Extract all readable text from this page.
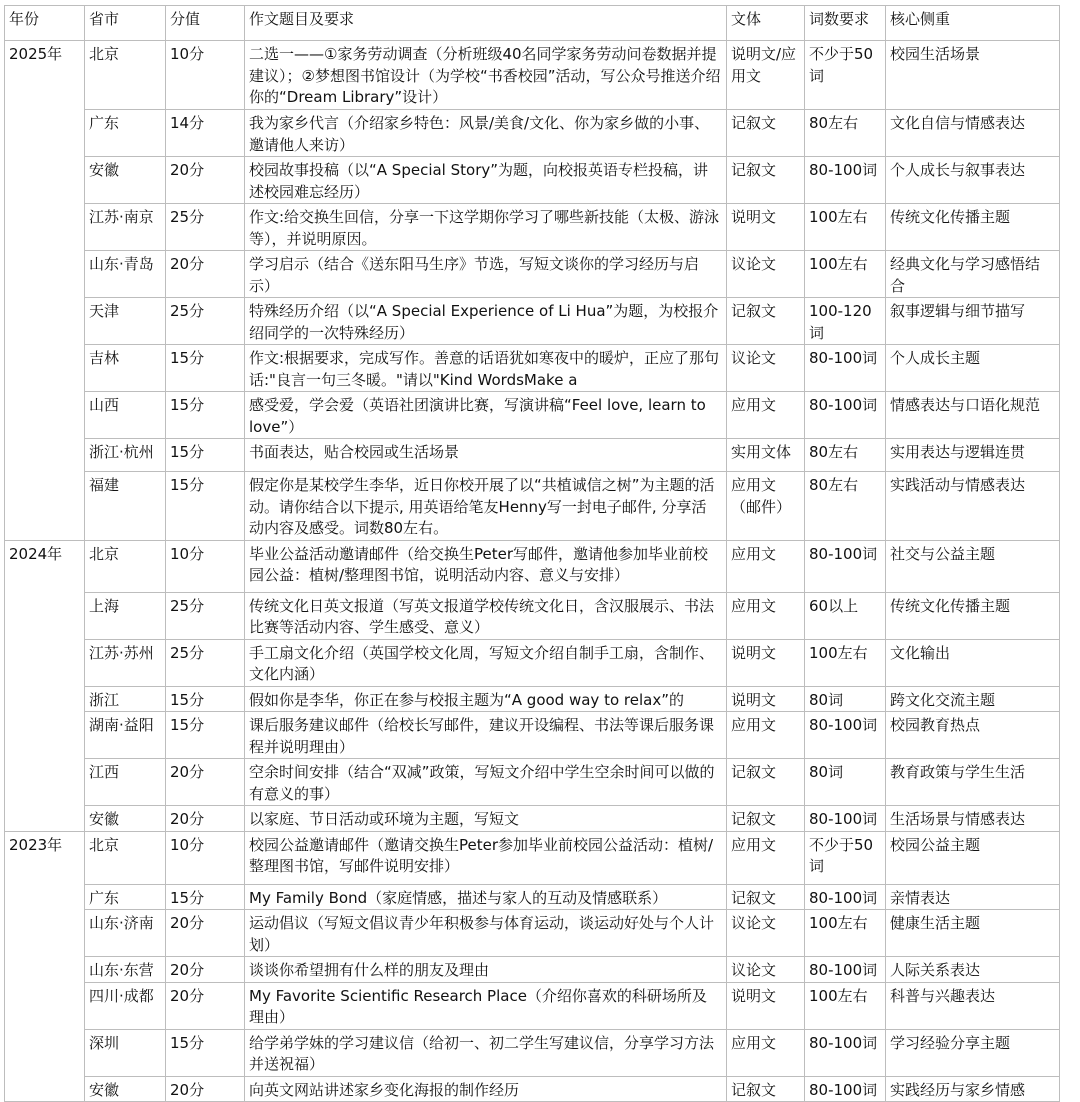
年份	省市	分值	作文题目及要求	文体	词数要求	核心侧重
2025年	北京	10分	二选一——①家务劳动调查（分析班级40名同学家务劳动问卷数据并提建议）；②梦想图书馆设计（为学校“书香校园”活动，写公众号推送介绍你的“Dream Library”设计）	说明文/应用文	不少于50词	校园生活场景
	广东	14分	我为家乡代言（介绍家乡特色：风景/美食/文化、你为家乡做的小事、邀请他人来访）	记叙文	80左右	文化自信与情感表达
	安徽	20分	校园故事投稿（以“A Special Story”为题，向校报英语专栏投稿，讲述校园难忘经历）	记叙文	80-100词	个人成长与叙事表达
	江苏·南京	25分	作文:给交换生回信，分享一下这学期你学习了哪些新技能（太极、游泳等），并说明原因。	说明文	100左右	传统文化传播主题
	山东·青岛	20分	学习启示（结合《送东阳马生序》节选，写短文谈你的学习经历与启示）	议论文	100左右	经典文化与学习感悟结合
	天津	25分	特殊经历介绍（以“A Special Experience of Li Hua”为题，为校报介绍同学的一次特殊经历）	记叙文	100-120词	叙事逻辑与细节描写
	吉林	15分	作文:根据要求，完成写作。善意的话语犹如寒夜中的暖炉，正应了那句话:"良言一句三冬暖。"请以"Kind WordsMake a	议论文	80-100词	个人成长主题
	山西	15分	感受爱，学会爱（英语社团演讲比赛，写演讲稿“Feel love, learn to love”）	应用文	80-100词	情感表达与口语化规范
	浙江·杭州	15分	书面表达，贴合校园或生活场景	实用文体	80左右	实用表达与逻辑连贯
	福建	15分	假定你是某校学生李华，近日你校开展了以“共植诚信之树”为主题的活动。请你结合以下提示, 用英语给笔友Henny写一封电子邮件, 分享活动内容及感受。词数80左右。	应用文（邮件）	80左右	实践活动与情感表达
2024年	北京	10分	毕业公益活动邀请邮件（给交换生Peter写邮件，邀请他参加毕业前校园公益：植树/整理图书馆，说明活动内容、意义与安排）	应用文	80-100词	社交与公益主题
	上海	25分	传统文化日英文报道（写英文报道学校传统文化日，含汉服展示、书法比赛等活动内容、学生感受、意义）	应用文	60以上	传统文化传播主题
	江苏·苏州	25分	手工扇文化介绍（英国学校文化周，写短文介绍自制手工扇，含制作、文化内涵）	说明文	100左右	文化输出
	浙江	15分	假如你是李华，你正在参与校报主题为“A good way to relax”的	说明文	80词	跨文化交流主题
	湖南·益阳	15分	课后服务建议邮件（给校长写邮件，建议开设编程、书法等课后服务课程并说明理由）	应用文	80-100词	校园教育热点
	江西	20分	空余时间安排（结合“双减”政策，写短文介绍中学生空余时间可以做的有意义的事）	记叙文	80词	教育政策与学生生活
	安徽	20分	以家庭、节日活动或环境为主题，写短文	记叙文	80-100词	生活场景与情感表达
2023年	北京	10分	校园公益邀请邮件（邀请交换生Peter参加毕业前校园公益活动：植树/整理图书馆，写邮件说明安排）	应用文	不少于50词	校园公益主题
	广东	15分	My Family Bond（家庭情感，描述与家人的互动及情感联系）	记叙文	80-100词	亲情表达
	山东·济南	20分	运动倡议（写短文倡议青少年积极参与体育运动，谈运动好处与个人计划）	议论文	100左右	健康生活主题
	山东·东营	20分	谈谈你希望拥有什么样的朋友及理由	议论文	80-100词	人际关系表达
	四川·成都	20分	My Favorite Scientific Research Place（介绍你喜欢的科研场所及理由）	说明文	100左右	科普与兴趣表达
	深圳	15分	给学弟学妹的学习建议信（给初一、初二学生写建议信，分享学习方法并送祝福）	应用文	80-100词	学习经验分享主题
	安徽	20分	向英文网站讲述家乡变化海报的制作经历	记叙文	80-100词	实践经历与家乡情感
